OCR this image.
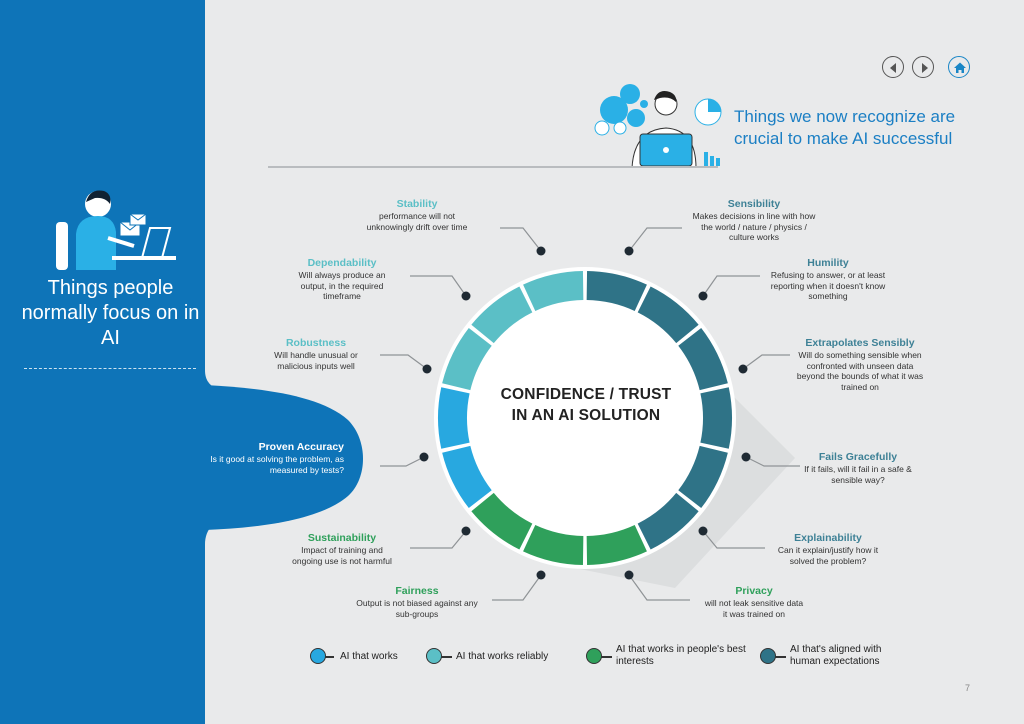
Things people normally focus on in AI
Things we now recognize are crucial to make AI successful
CONFIDENCE / TRUST IN AN AI SOLUTION
Stability
performance will not unknowingly drift over time
Dependability
Will always produce an output, in the required timeframe
Robustness
Will handle unusual or malicious inputs well
Proven Accuracy
Is it good at solving the problem, as measured by tests?
Sustainability
Impact of training and ongoing use is not harmful
Fairness
Output is not biased against any sub-groups
Sensibility
Makes decisions in line with how the world / nature / physics / culture works
Humility
Refusing to answer, or at least reporting when it doesn't know something
Extrapolates Sensibly
Will do something sensible when confronted with unseen data beyond the bounds of what it was trained on
Fails Gracefully
If it fails, will it fail in a safe & sensible way?
Explainability
Can it explain/justify how it solved the problem?
Privacy
will not leak sensitive data it was trained on
AI that works	AI that works reliably
AI that works in people's best interests
AI that's aligned with human expectations
7
